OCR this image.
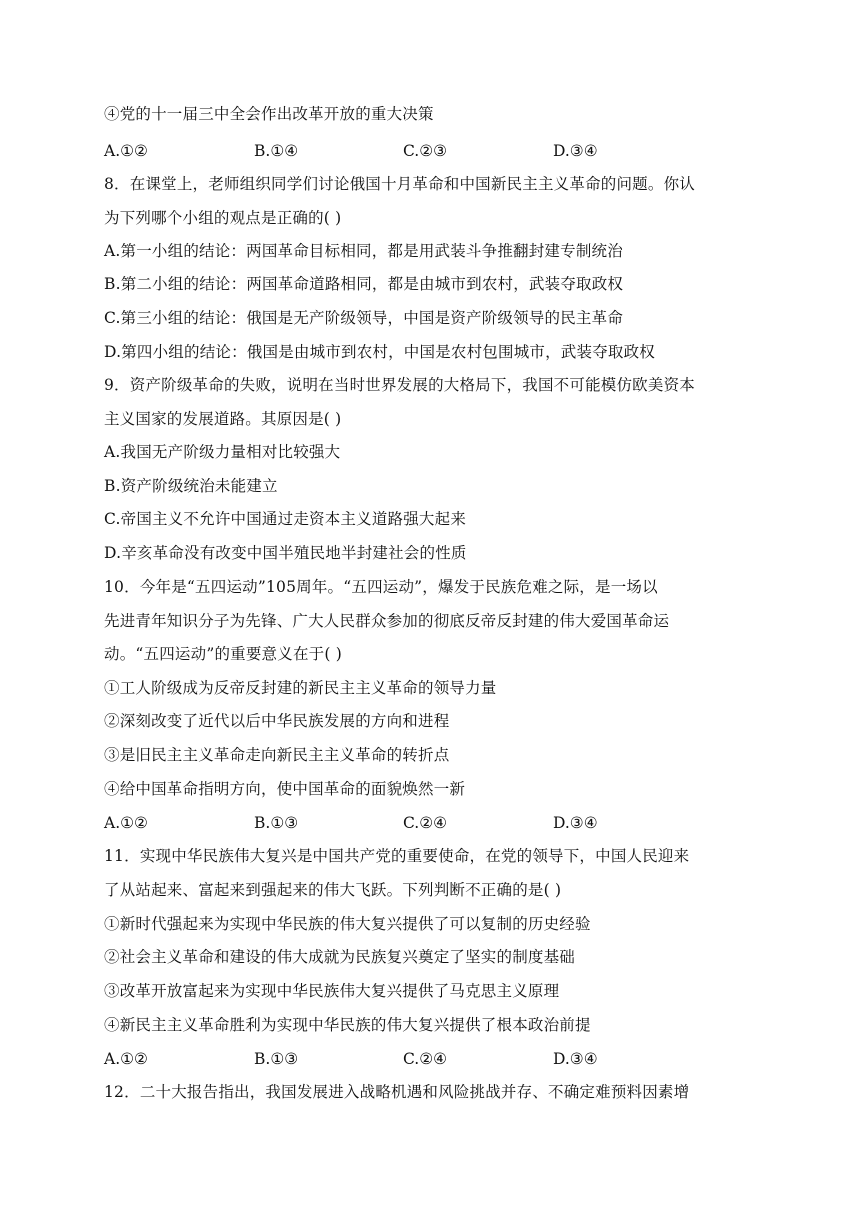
④党的十一届三中全会作出改革开放的重大决策
A.①②	B.①④	C.②③	D.③④
8．在课堂上，老师组织同学们讨论俄国十月革命和中国新民主主义革命的问题。你认
为下列哪个小组的观点是正确的( )
A.第一小组的结论：两国革命目标相同，都是用武装斗争推翻封建专制统治
B.第二小组的结论：两国革命道路相同，都是由城市到农村，武装夺取政权
C.第三小组的结论：俄国是无产阶级领导，中国是资产阶级领导的民主革命
D.第四小组的结论：俄国是由城市到农村，中国是农村包围城市，武装夺取政权
9．资产阶级革命的失败，说明在当时世界发展的大格局下，我国不可能模仿欧美资本
主义国家的发展道路。其原因是( )
A.我国无产阶级力量相对比较强大
B.资产阶级统治未能建立
C.帝国主义不允许中国通过走资本主义道路强大起来
D.辛亥革命没有改变中国半殖民地半封建社会的性质
10．今年是“五四运动”105周年。“五四运动”，爆发于民族危难之际，是一场以
先进青年知识分子为先锋、广大人民群众参加的彻底反帝反封建的伟大爱国革命运
动。“五四运动”的重要意义在于( )
①工人阶级成为反帝反封建的新民主主义革命的领导力量
②深刻改变了近代以后中华民族发展的方向和进程
③是旧民主主义革命走向新民主主义革命的转折点
④给中国革命指明方向，使中国革命的面貌焕然一新
A.①②	B.①③	C.②④	D.③④
11．实现中华民族伟大复兴是中国共产党的重要使命，在党的领导下，中国人民迎来
了从站起来、富起来到强起来的伟大飞跃。下列判断不正确的是( )
①新时代强起来为实现中华民族的伟大复兴提供了可以复制的历史经验
②社会主义革命和建设的伟大成就为民族复兴奠定了坚实的制度基础
③改革开放富起来为实现中华民族伟大复兴提供了马克思主义原理
④新民主主义革命胜利为实现中华民族的伟大复兴提供了根本政治前提
A.①②	B.①③	C.②④	D.③④
12．二十大报告指出，我国发展进入战略机遇和风险挑战并存、不确定难预料因素增
